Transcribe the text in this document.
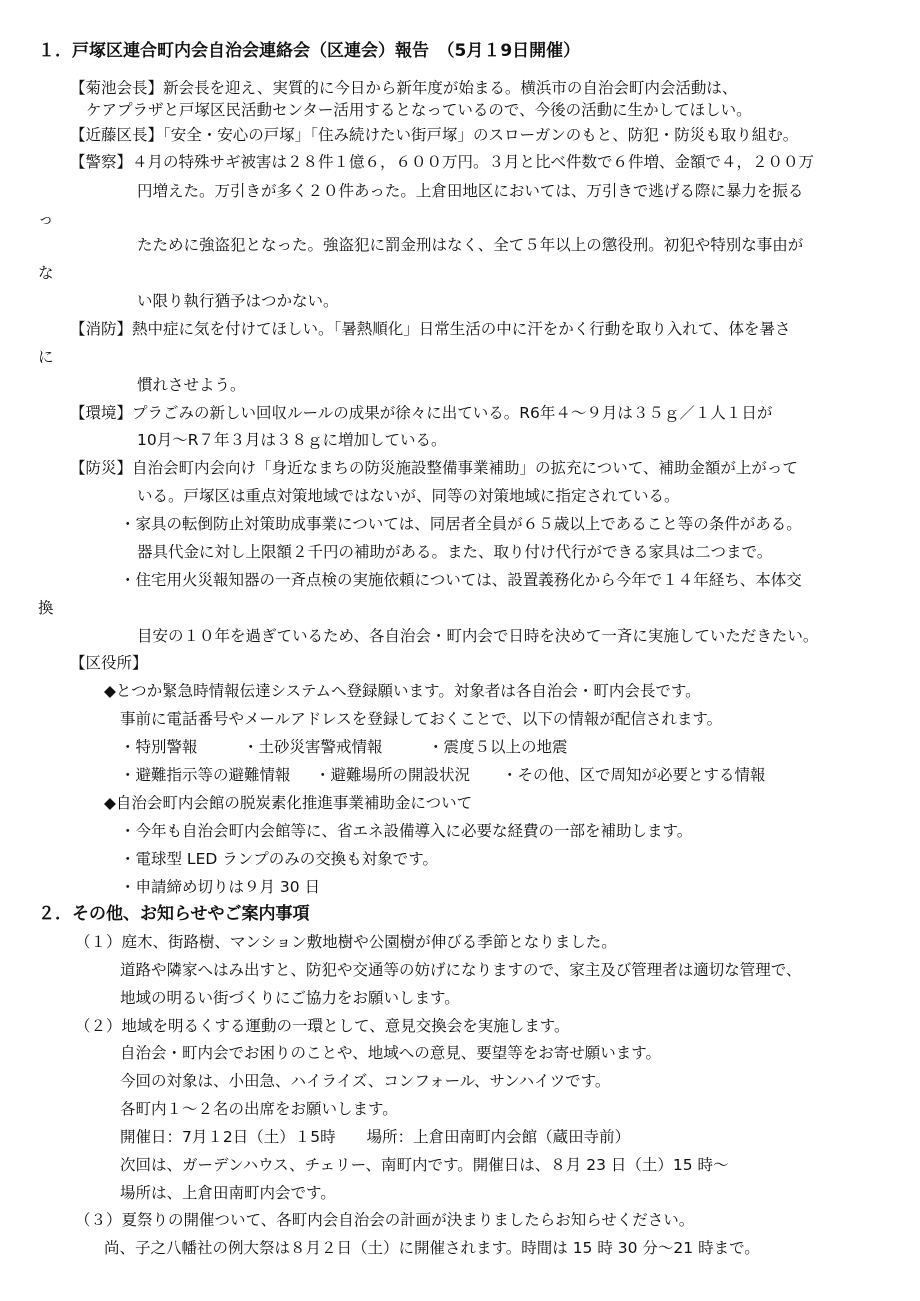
１．戸塚区連合町内会自治会連絡会（区連会）報告　（5月１9日開催）
【菊池会長】新会長を迎え、実質的に今日から新年度が始まる。横浜市の自治会町内会活動は、
ケアプラザと戸塚区民活動センター活用するとなっているので、今後の活動に生かしてほしい。
【近藤区長】「安全・安心の戸塚」「住み続けたい街戸塚」のスローガンのもと、防犯・防災も取り組む。
【警察】４月の特殊サギ被害は２８件１億６，６００万円。３月と比べ件数で６件増、金額で４，２００万
円増えた。万引きが多く２０件あった。上倉田地区においては、万引きで逃げる際に暴力を振る
っ
たために強盗犯となった。強盗犯に罰金刑はなく、全て５年以上の懲役刑。初犯や特別な事由が
な
い限り執行猶予はつかない。
【消防】熱中症に気を付けてほしい。「暑熱順化」日常生活の中に汗をかく行動を取り入れて、体を暑さ
に
慣れさせよう。
【環境】プラごみの新しい回収ルールの成果が徐々に出ている。R6年４～９月は３５ｇ／１人１日が
10月～R７年３月は３８ｇに増加している。
【防災】自治会町内会向け「身近なまちの防災施設整備事業補助」の拡充について、補助金額が上がって
いる。戸塚区は重点対策地域ではないが、同等の対策地域に指定されている。
・家具の転倒防止対策助成事業については、同居者全員が６５歳以上であること等の条件がある。
器具代金に対し上限額２千円の補助がある。また、取り付け代行ができる家具は二つまで。
・住宅用火災報知器の一斉点検の実施依頼については、設置義務化から今年で１４年経ち、本体交
換
目安の１０年を過ぎているため、各自治会・町内会で日時を決めて一斉に実施していただきたい。
【区役所】
◆とつか緊急時情報伝達システムへ登録願います。対象者は各自治会・町内会長です。
事前に電話番号やメールアドレスを登録しておくことで、以下の情報が配信されます。
・特別警報	・土砂災害警戒情報	・震度５以上の地震
・避難指示等の避難情報 ・避難場所の開設状況 ・その他、区で周知が必要とする情報
◆自治会町内会館の脱炭素化推進事業補助金について
・今年も自治会町内会館等に、省エネ設備導入に必要な経費の一部を補助します。
・電球型 LED ランプのみの交換も対象です。
・申請締め切りは９月 30 日
２．その他、お知らせやご案内事項
（１）庭木、街路樹、マンション敷地樹や公園樹が伸びる季節となりました。
道路や隣家へはみ出すと、防犯や交通等の妨げになりますので、家主及び管理者は適切な管理で、
地域の明るい街づくりにご協力をお願いします。
（２）地域を明るくする運動の一環として、意見交換会を実施します。
自治会・町内会でお困りのことや、地域への意見、要望等をお寄せ願います。
今回の対象は、小田急、ハイライズ、コンフォール、サンハイツです。
各町内１～２名の出席をお願いします。
開催日：7月１2日（土）１5時　　場所：上倉田南町内会館（蔵田寺前）
次回は、ガーデンハウス、チェリー、南町内です。開催日は、８月 23 日（土）15 時～
場所は、上倉田南町内会です。
（３）夏祭りの開催ついて、各町内会自治会の計画が決まりましたらお知らせください。
尚、子之八幡社の例大祭は８月２日（土）に開催されます。時間は 15 時 30 分～21 時まで。
